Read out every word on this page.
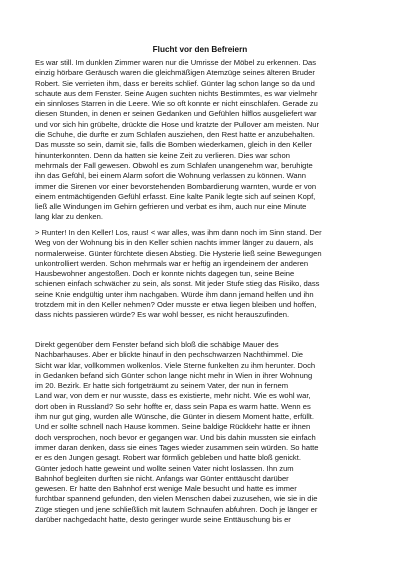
Flucht vor den Befreiern

Es war still. Im dunklen Zimmer waren nur die Umrisse der Möbel zu erkennen. Das
einzig hörbare Geräusch waren die gleichmäßigen Atemzüge seines älteren Bruder
Robert. Sie verrieten ihm, dass er bereits schlief. Günter lag schon lange so da und
schaute aus dem Fenster. Seine Augen suchten nichts Bestimmtes, es war vielmehr
ein sinnloses Starren in die Leere. Wie so oft konnte er nicht einschlafen. Gerade zu
diesen Stunden, in denen er seinen Gedanken und Gefühlen hilflos ausgeliefert war
und vor sich hin grübelte, drückte die Hose und kratzte der Pullover am meisten. Nur
die Schuhe, die durfte er zum Schlafen ausziehen, den Rest hatte er anzubehalten.
Das musste so sein, damit sie, falls die Bomben wiederkamen, gleich in den Keller
hinunterkonnten. Denn da hatten sie keine Zeit zu verlieren. Dies war schon
mehrmals der Fall gewesen. Obwohl es zum Schlafen unangenehm war, beruhigte
ihn das Gefühl, bei einem Alarm sofort die Wohnung verlassen zu können. Wann
immer die Sirenen vor einer bevorstehenden Bombardierung warnten, wurde er von
einem entmächtigenden Gefühl erfasst. Eine kalte Panik legte sich auf seinen Kopf,
ließ alle Windungen im Gehirn gefrieren und verbat es ihm, auch nur eine Minute
lang klar zu denken.

> Runter! In den Keller! Los, raus! < war alles, was ihm dann noch im Sinn stand. Der
Weg von der Wohnung bis in den Keller schien nachts immer länger zu dauern, als
normalerweise. Günter fürchtete diesen Abstieg. Die Hysterie ließ seine Bewegungen
unkontrolliert werden. Schon mehrmals war er heftig an irgendeinem der anderen
Hausbewohner angestoßen. Doch er konnte nichts dagegen tun, seine Beine
schienen einfach schwächer zu sein, als sonst. Mit jeder Stufe stieg das Risiko, dass
seine Knie endgültig unter ihm nachgaben. Würde ihm dann jemand helfen und ihn
trotzdem mit in den Keller nehmen? Oder musste er etwa liegen bleiben und hoffen,
dass nichts passieren würde? Es war wohl besser, es nicht herauszufinden.

Direkt gegenüber dem Fenster befand sich bloß die schäbige Mauer des
Nachbarhauses. Aber er blickte hinauf in den pechschwarzen Nachthimmel. Die
Sicht war klar, vollkommen wolkenlos. Viele Sterne funkelten zu ihm herunter. Doch
in Gedanken befand sich Günter schon lange nicht mehr in Wien in ihrer Wohnung
im 20. Bezirk. Er hatte sich fortgeträumt zu seinem Vater, der nun in fernem
Land war, von dem er nur wusste, dass es existierte, mehr nicht. Wie es wohl war,
dort oben in Russland? So sehr hoffte er, dass sein Papa es warm hatte. Wenn es
ihm nur gut ging, wurden alle Wünsche, die Günter in diesem Moment hatte, erfüllt.
Und er sollte schnell nach Hause kommen. Seine baldige Rückkehr hatte er ihnen
doch versprochen, noch bevor er gegangen war. Und bis dahin mussten sie einfach
immer daran denken, dass sie eines Tages wieder zusammen sein würden. So hatte
er es den Jungen gesagt. Robert war förmlich gebleben und hatte bloß genickt.
Günter jedoch hatte geweint und wollte seinen Vater nicht loslassen. Ihn zum
Bahnhof begleiten durften sie nicht. Anfangs war Günter enttäuscht darüber
gewesen. Er hatte den Bahnhof erst wenige Male besucht und hatte es immer
furchtbar spannend gefunden, den vielen Menschen dabei zuzusehen, wie sie in die
Züge stiegen und jene schließlich mit lautem Schnaufen abfuhren. Doch je länger er
darüber nachgedacht hatte, desto geringer wurde seine Enttäuschung bis er
